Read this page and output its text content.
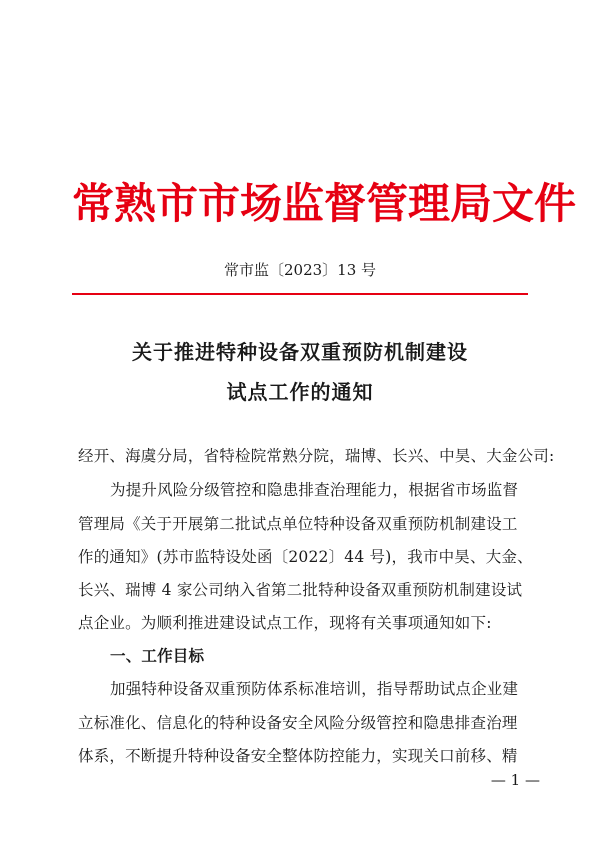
常熟市市场监督管理局文件
常市监〔2023〕13 号
关于推进特种设备双重预防机制建设
试点工作的通知
经开、海虞分局，省特检院常熟分院，瑞博、长兴、中昊、大金公司:
为提升风险分级管控和隐患排查治理能力，根据省市场监督
管理局《关于开展第二批试点单位特种设备双重预防机制建设工
作的通知》(苏市监特设处函〔2022〕44 号)，我市中昊、大金、
长兴、瑞博 4 家公司纳入省第二批特种设备双重预防机制建设试
点企业。为顺利推进建设试点工作，现将有关事项通知如下:
一、工作目标
加强特种设备双重预防体系标准培训，指导帮助试点企业建
立标准化、信息化的特种设备安全风险分级管控和隐患排查治理
体系，不断提升特种设备安全整体防控能力，实现关口前移、精
— 1 —
